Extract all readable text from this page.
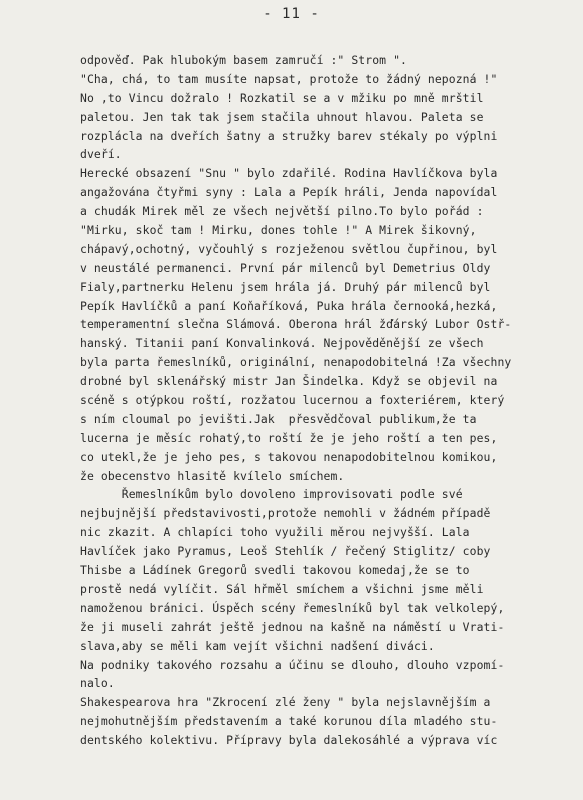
- 11 -
odpověď. Pak hlubokým basem zamručí :" Strom ".
"Cha, chá, to tam musíte napsat, protože to žádný nepozná !"
No ,to Vincu dožralo ! Rozkatil se a v mžiku po mně mrštil
paletou. Jen tak tak jsem stačila uhnout hlavou. Paleta se
rozplácla na dveřích šatny a stružky barev stékaly po výplni
dveří.
Herecké obsazení "Snu " bylo zdařilé. Rodina Havlíčkova byla
angažována čtyřmi syny : Lala a Pepík hráli, Jenda napovídal
a chudák Mirek měl ze všech největší pilno.To bylo pořád :
"Mirku, skoč tam ! Mirku, dones tohle !" A Mirek šikovný,
chápavý,ochotný, vyčouhlý s rozježenou světlou čupřinou, byl
v neustálé permanenci. První pár milenců byl Demetrius Oldy
Fialy,partnerku Helenu jsem hrála já. Druhý pár milenců byl
Pepík Havlíčků a paní Koňaříková, Puka hrála černooká,hezká,
temperamentní slečna Slámová. Oberona hrál žďárský Lubor Ostř-
hanský. Titanii paní Konvalinková. Nejpověděnější ze všech
byla parta řemeslníků, originální, nenapodobitelná !Za všechny
drobné byl sklenářský mistr Jan Šindelka. Když se objevil na
scéně s otýpkou roští, rozžatou lucernou a foxteriérem, který
s ním cloumal po jevišti.Jak  přesvědčoval publikum,že ta
lucerna je měsíc rohatý,to roští že je jeho roští a ten pes,
co utekl,že je jeho pes, s takovou nenapodobitelnou komikou,
že obecenstvo hlasitě kvílelo smíchem.
Řemeslníkům bylo dovoleno improvisovati podle své
nejbujnější představivosti,protože nemohli v žádném případě
nic zkazit. A chlapíci toho využili měrou nejvyšší. Lala
Havlíček jako Pyramus, Leoš Stehlík / řečený Stiglitz/ coby
Thisbe a Ládínek Gregorů svedli takovou komedaj,že se to
prostě nedá vylíčit. Sál hřměl smíchem a všichni jsme měli
namoženou bránici. Úspěch scény řemeslníků byl tak velkolepý,
že ji museli zahrát ještě jednou na kašně na náměstí u Vrati-
slava,aby se měli kam vejít všichni nadšení diváci.
Na podniky takového rozsahu a účinu se dlouho, dlouho vzpomí-
nalo.
Shakespearova hra "Zkrocení zlé ženy " byla nejslavnějším a
nejmohutnějším představením a také korunou díla mladého stu-
dentského kolektivu. Přípravy byla dalekosáhlé a výprava víc
